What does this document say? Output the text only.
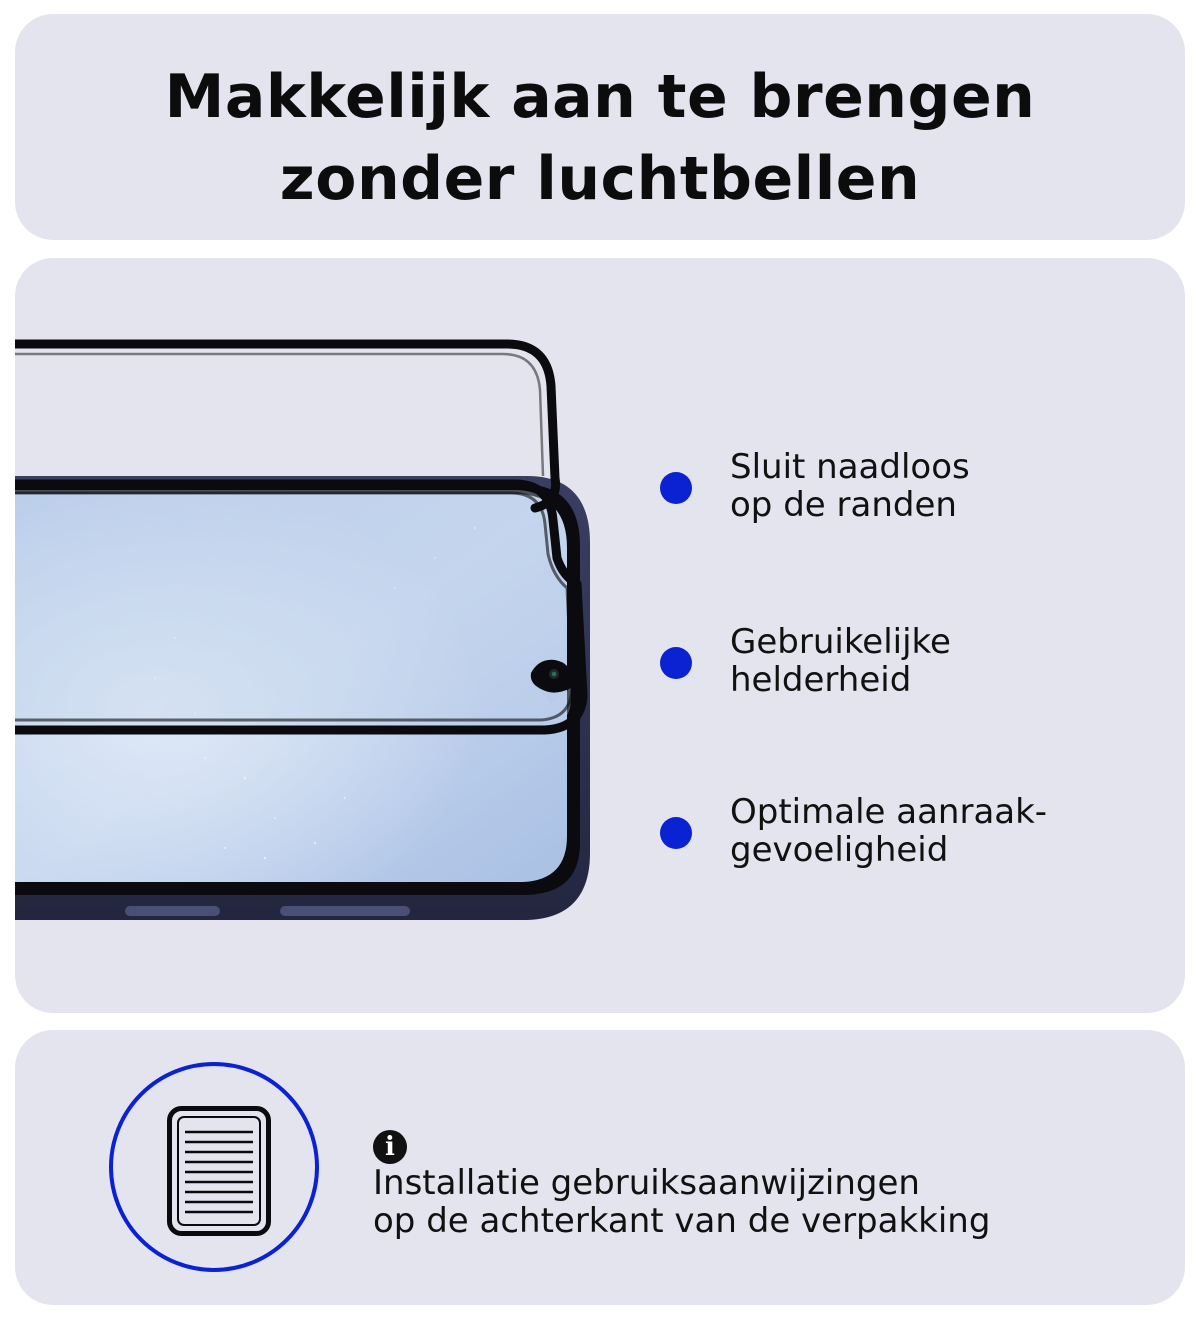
Makkelijk aan te brengen
zonder luchtbellen
Sluit naadloos
op de randen
Gebruikelijke
helderheid
Optimale aanraak-
gevoeligheid
i
Installatie gebruiksaanwijzingen
op de achterkant van de verpakking
